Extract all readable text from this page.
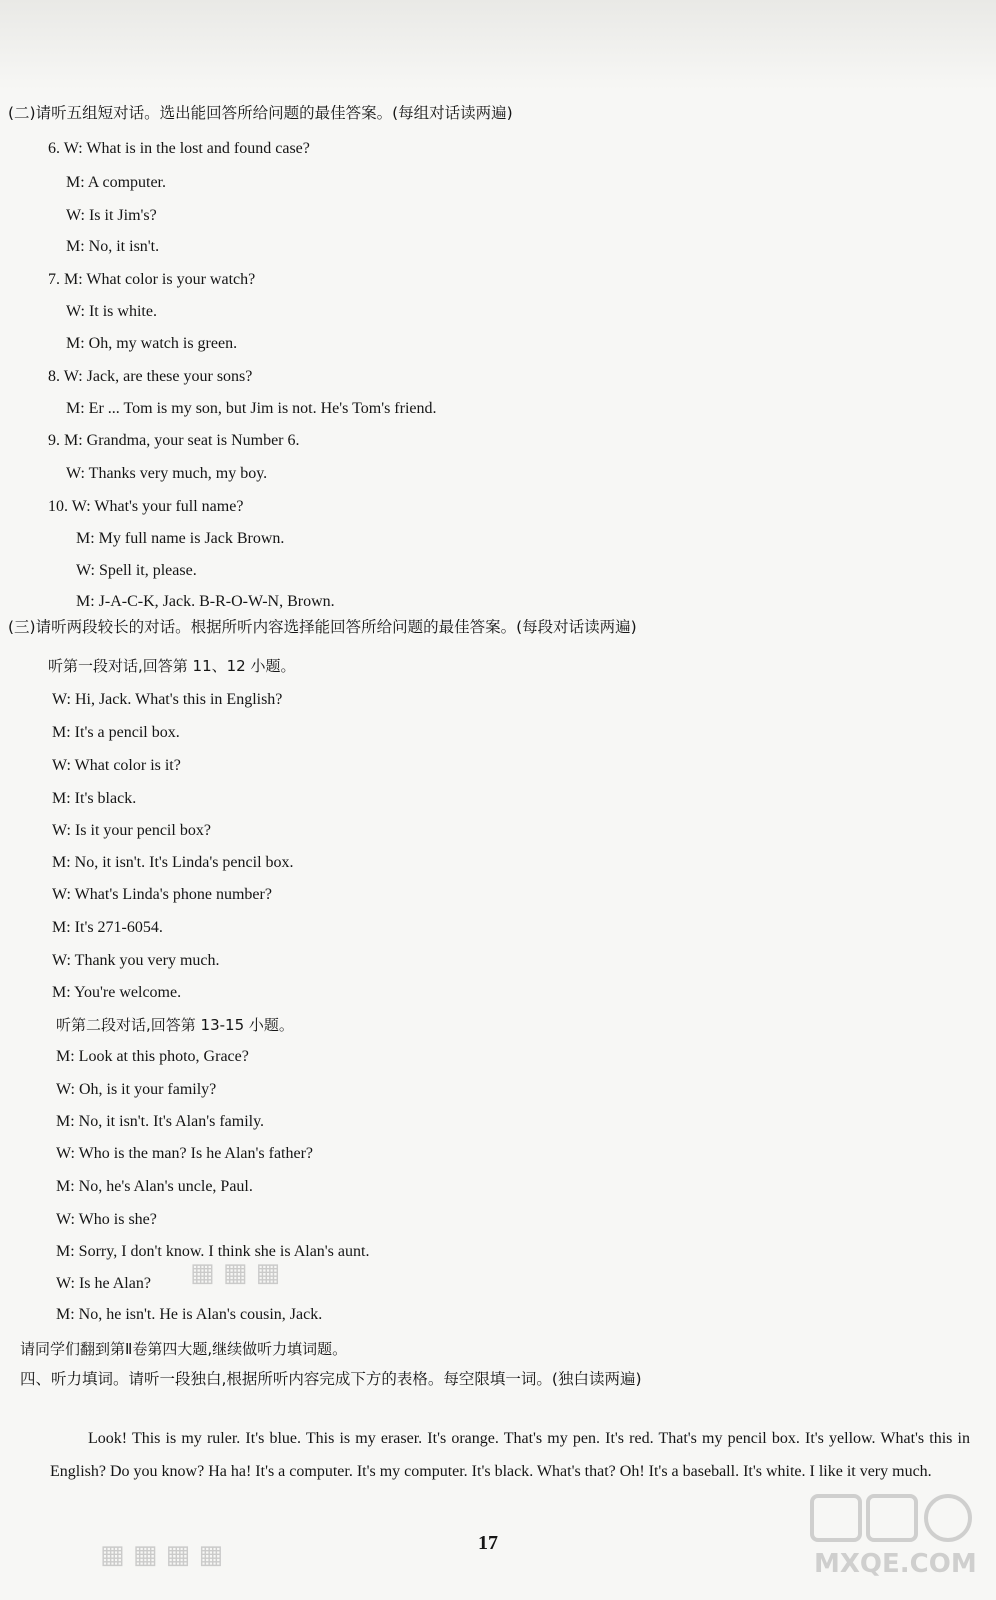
(二)请听五组短对话。选出能回答所给问题的最佳答案。(每组对话读两遍)
6. W: What is in the lost and found case?
M: A computer.
W: Is it Jim's?
M: No, it isn't.
7. M: What color is your watch?
W: It is white.
M: Oh, my watch is green.
8. W: Jack, are these your sons?
M: Er ... Tom is my son, but Jim is not. He's Tom's friend.
9. M: Grandma, your seat is Number 6.
W: Thanks very much, my boy.
10. W: What's your full name?
M: My full name is Jack Brown.
W: Spell it, please.
M: J-A-C-K, Jack. B-R-O-W-N, Brown.
(三)请听两段较长的对话。根据所听内容选择能回答所给问题的最佳答案。(每段对话读两遍)
听第一段对话,回答第 11、12 小题。
W: Hi, Jack. What's this in English?
M: It's a pencil box.
W: What color is it?
M: It's black.
W: Is it your pencil box?
M: No, it isn't. It's Linda's pencil box.
W: What's Linda's phone number?
M: It's 271-6054.
W: Thank you very much.
M: You're welcome.
听第二段对话,回答第 13-15 小题。
M: Look at this photo, Grace?
W: Oh, is it your family?
M: No, it isn't. It's Alan's family.
W: Who is the man? Is he Alan's father?
M: No, he's Alan's uncle, Paul.
W: Who is she?
M: Sorry, I don't know. I think she is Alan's aunt.
W: Is he Alan?
M: No, he isn't. He is Alan's cousin, Jack.
请同学们翻到第Ⅱ卷第四大题,继续做听力填词题。
四、听力填词。请听一段独白,根据所听内容完成下方的表格。每空限填一词。(独白读两遍)
Look! This is my ruler. It's blue. This is my eraser. It's orange. That's my pen. It's red. That's my pencil box. It's yellow. What's this in English? Do you know? Ha ha! It's a computer. It's my computer. It's black. What's that? Oh! It's a baseball. It's white. I like it very much.
17
▦ ▦ ▦
▦ ▦ ▦ ▦	MXQE.COM
